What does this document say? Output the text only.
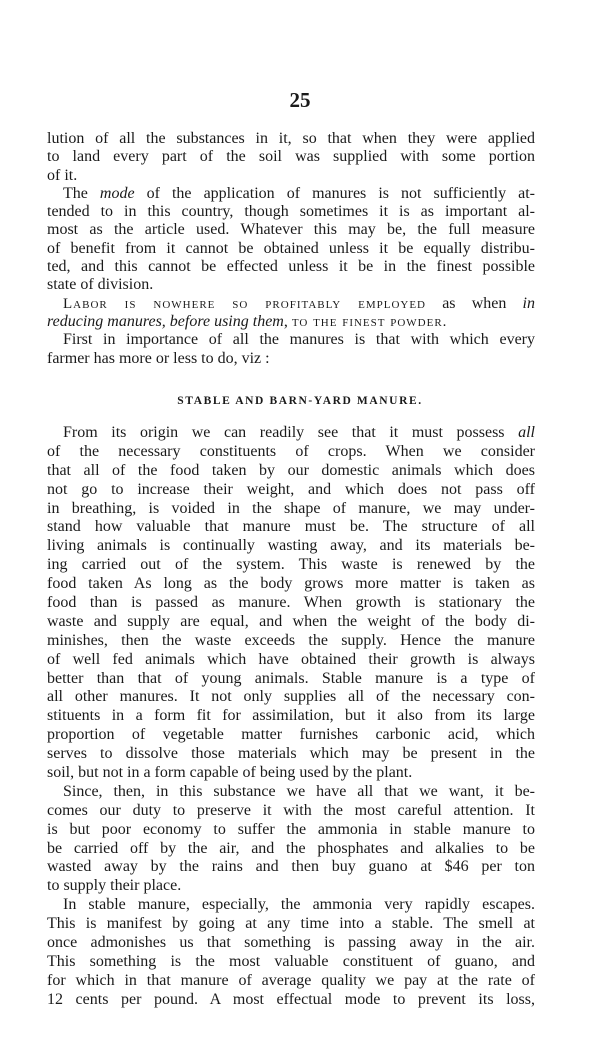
25
lution of all the substances in it, so that when they were applied
to land every part of the soil was supplied with some portion
of it.
The mode of the application of manures is not sufficiently at-
tended to in this country, though sometimes it is as important al-
most as the article used. Whatever this may be, the full measure
of benefit from it cannot be obtained unless it be equally distribu-
ted, and this cannot be effected unless it be in the finest possible
state of division.
Labor is nowhere so profitably employed as when in
reducing manures, before using them, to the finest powder.
First in importance of all the manures is that with which every
farmer has more or less to do, viz :
STABLE AND BARN-YARD MANURE.
From its origin we can readily see that it must possess all
of the necessary constituents of crops. When we consider
that all of the food taken by our domestic animals which does
not go to increase their weight, and which does not pass off
in breathing, is voided in the shape of manure, we may under-
stand how valuable that manure must be. The structure of all
living animals is continually wasting away, and its materials be-
ing carried out of the system. This waste is renewed by the
food taken As long as the body grows more matter is taken as
food than is passed as manure. When growth is stationary the
waste and supply are equal, and when the weight of the body di-
minishes, then the waste exceeds the supply. Hence the manure
of well fed animals which have obtained their growth is always
better than that of young animals. Stable manure is a type of
all other manures. It not only supplies all of the necessary con-
stituents in a form fit for assimilation, but it also from its large
proportion of vegetable matter furnishes carbonic acid, which
serves to dissolve those materials which may be present in the
soil, but not in a form capable of being used by the plant.
Since, then, in this substance we have all that we want, it be-
comes our duty to preserve it with the most careful attention. It
is but poor economy to suffer the ammonia in stable manure to
be carried off by the air, and the phosphates and alkalies to be
wasted away by the rains and then buy guano at $46 per ton
to supply their place.
In stable manure, especially, the ammonia very rapidly escapes.
This is manifest by going at any time into a stable. The smell at
once admonishes us that something is passing away in the air.
This something is the most valuable constituent of guano, and
for which in that manure of average quality we pay at the rate of
12 cents per pound. A most effectual mode to prevent its loss,
